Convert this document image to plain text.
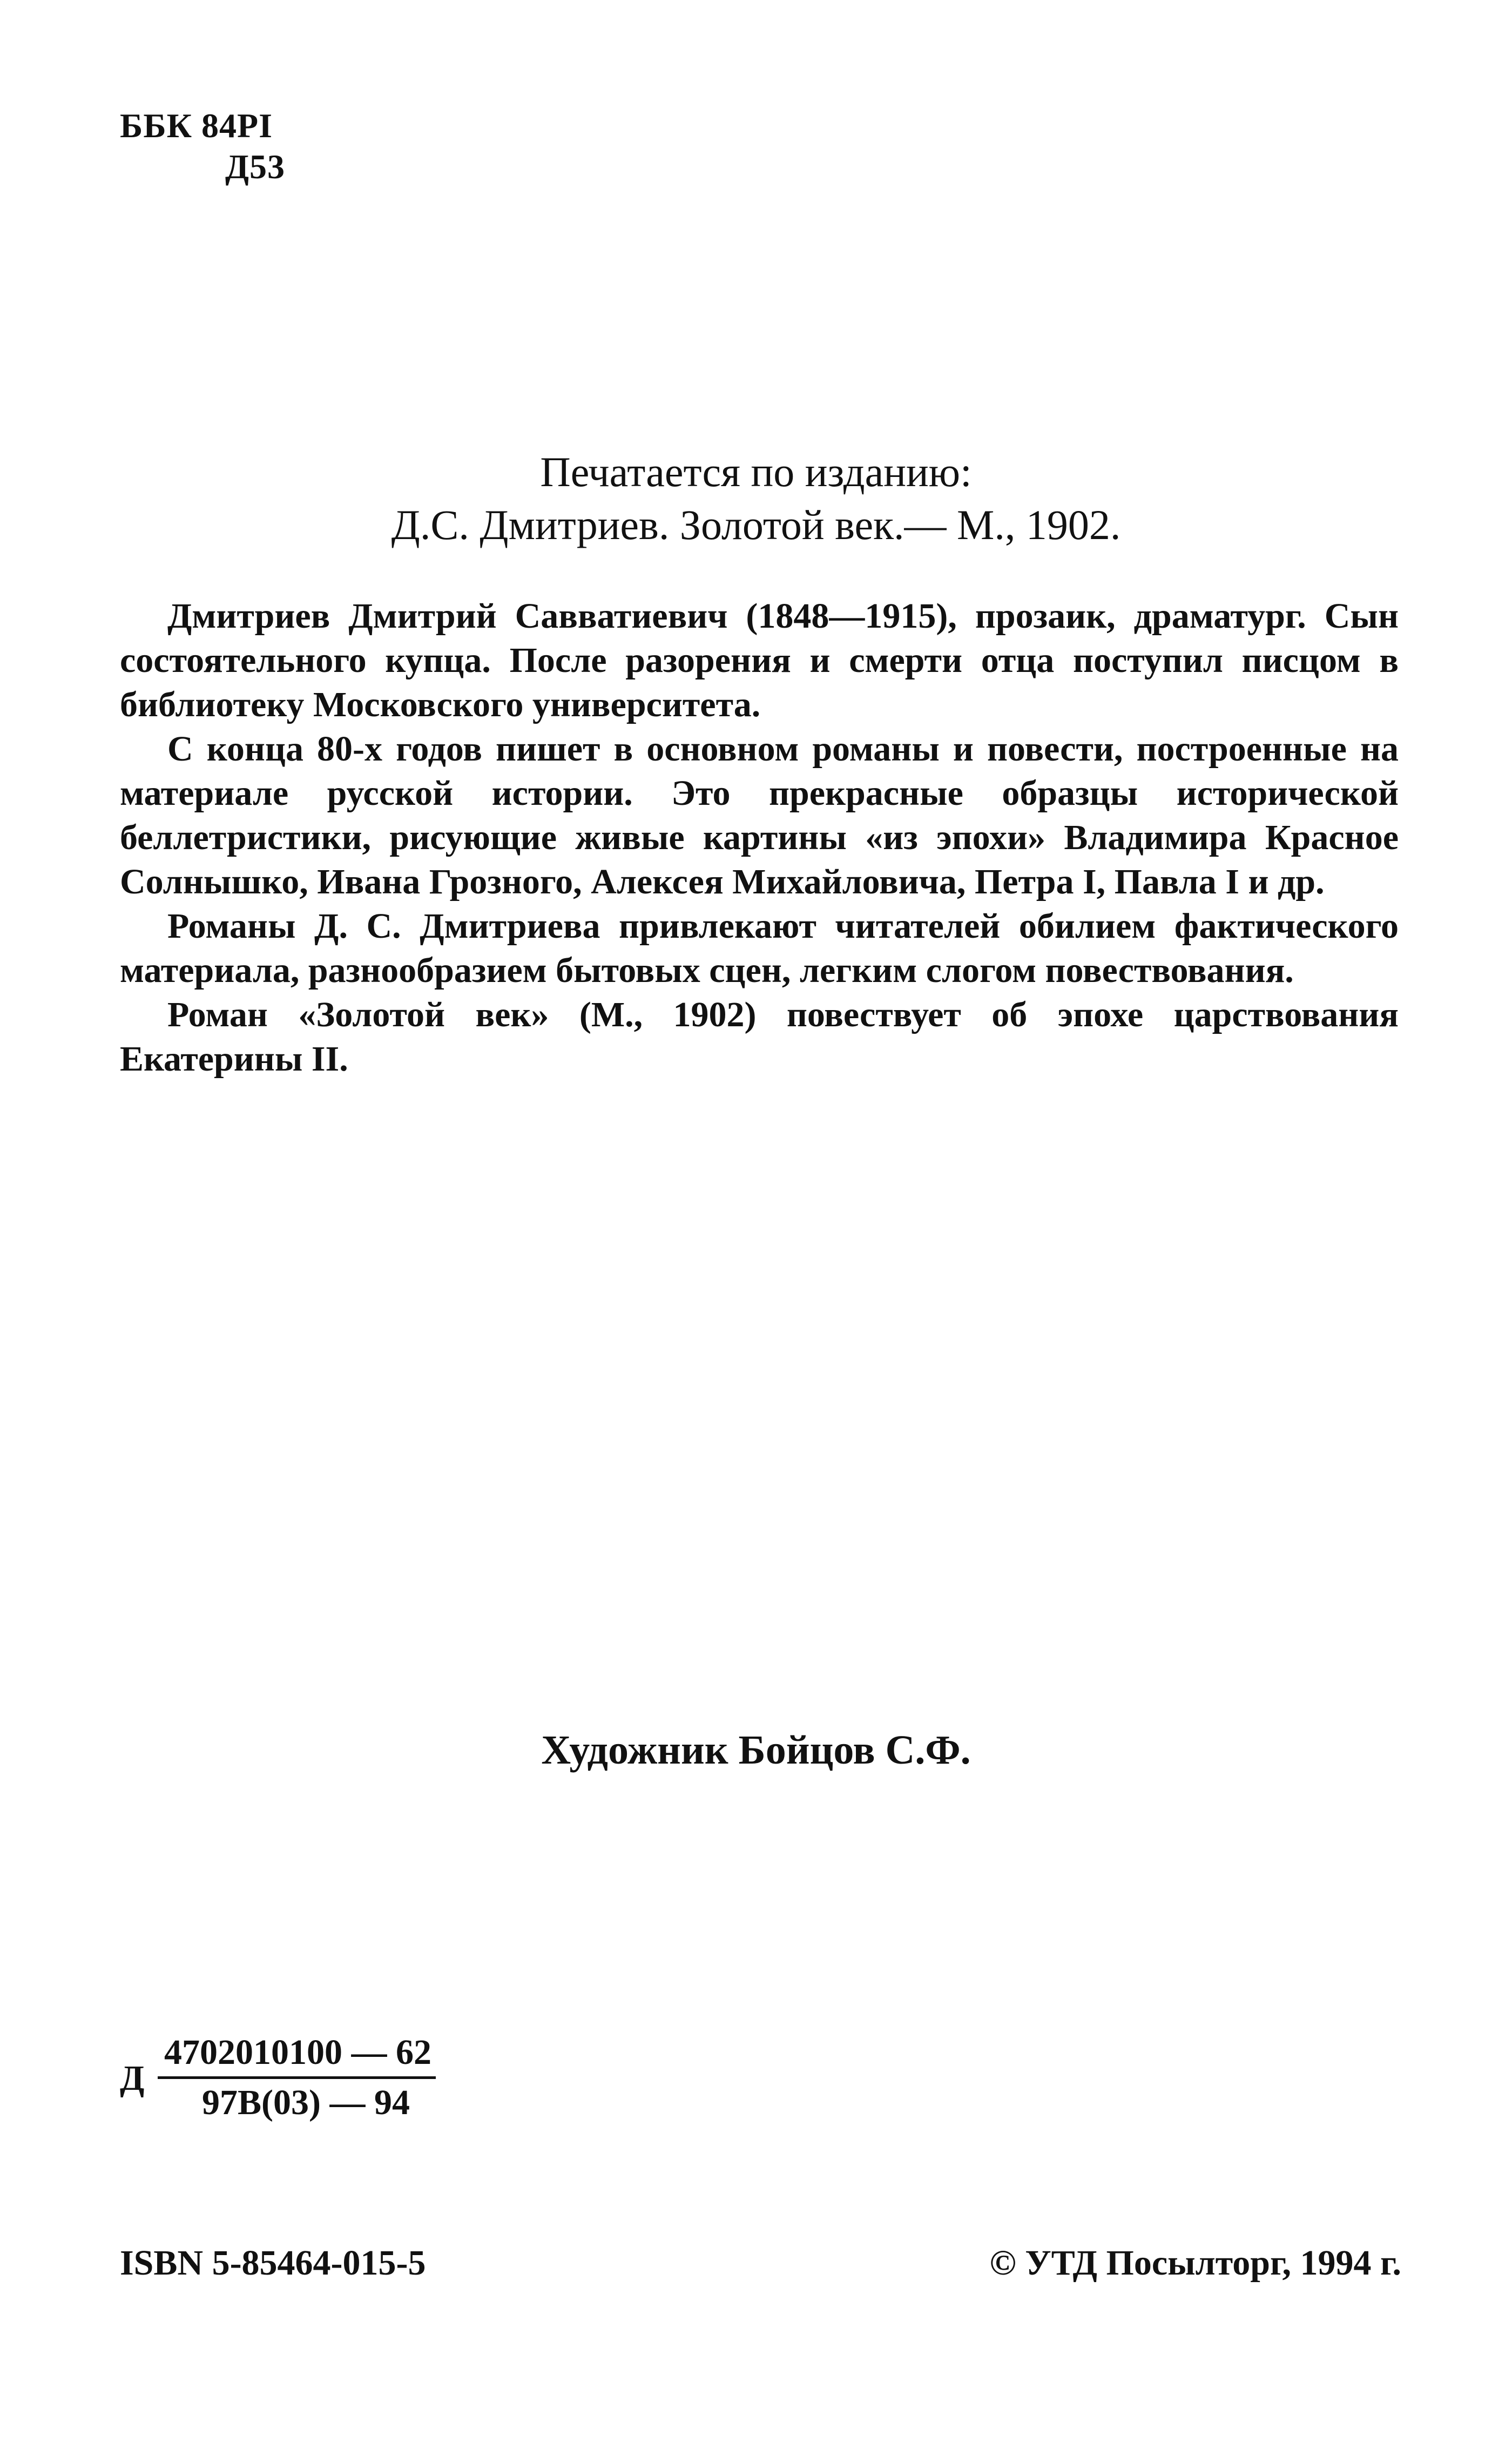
ББК 84РІ
Д53
Печатается по изданию:
Д.С. Дмитриев. Золотой век.— М., 1902.

Дмитриев Дмитрий Савватиевич (1848—1915), прозаик, драматург. Сын состоятельного купца. После разорения и смерти отца поступил писцом в библиотеку Московского университета.

С конца 80-х годов пишет в основном романы и повести, построенные на материале русской истории. Это прекрасные образцы исторической беллетристики, рисующие живые картины «из эпохи» Владимира Красное Солнышко, Ивана Грозного, Алексея Михайловича, Петра I, Павла I и др.

Романы Д. С. Дмитриева привлекают читателей обилием фактического материала, разнообразием бытовых сцен, легким слогом повествования.

Роман «Золотой век» (М., 1902) повествует об эпохе царствования Екатерины II.

Художник Бойцов С.Ф.
Д
4702010100 — 62
97В(03) — 94
ISBN 5-85464-015-5	© УТД Посылторг, 1994 г.
